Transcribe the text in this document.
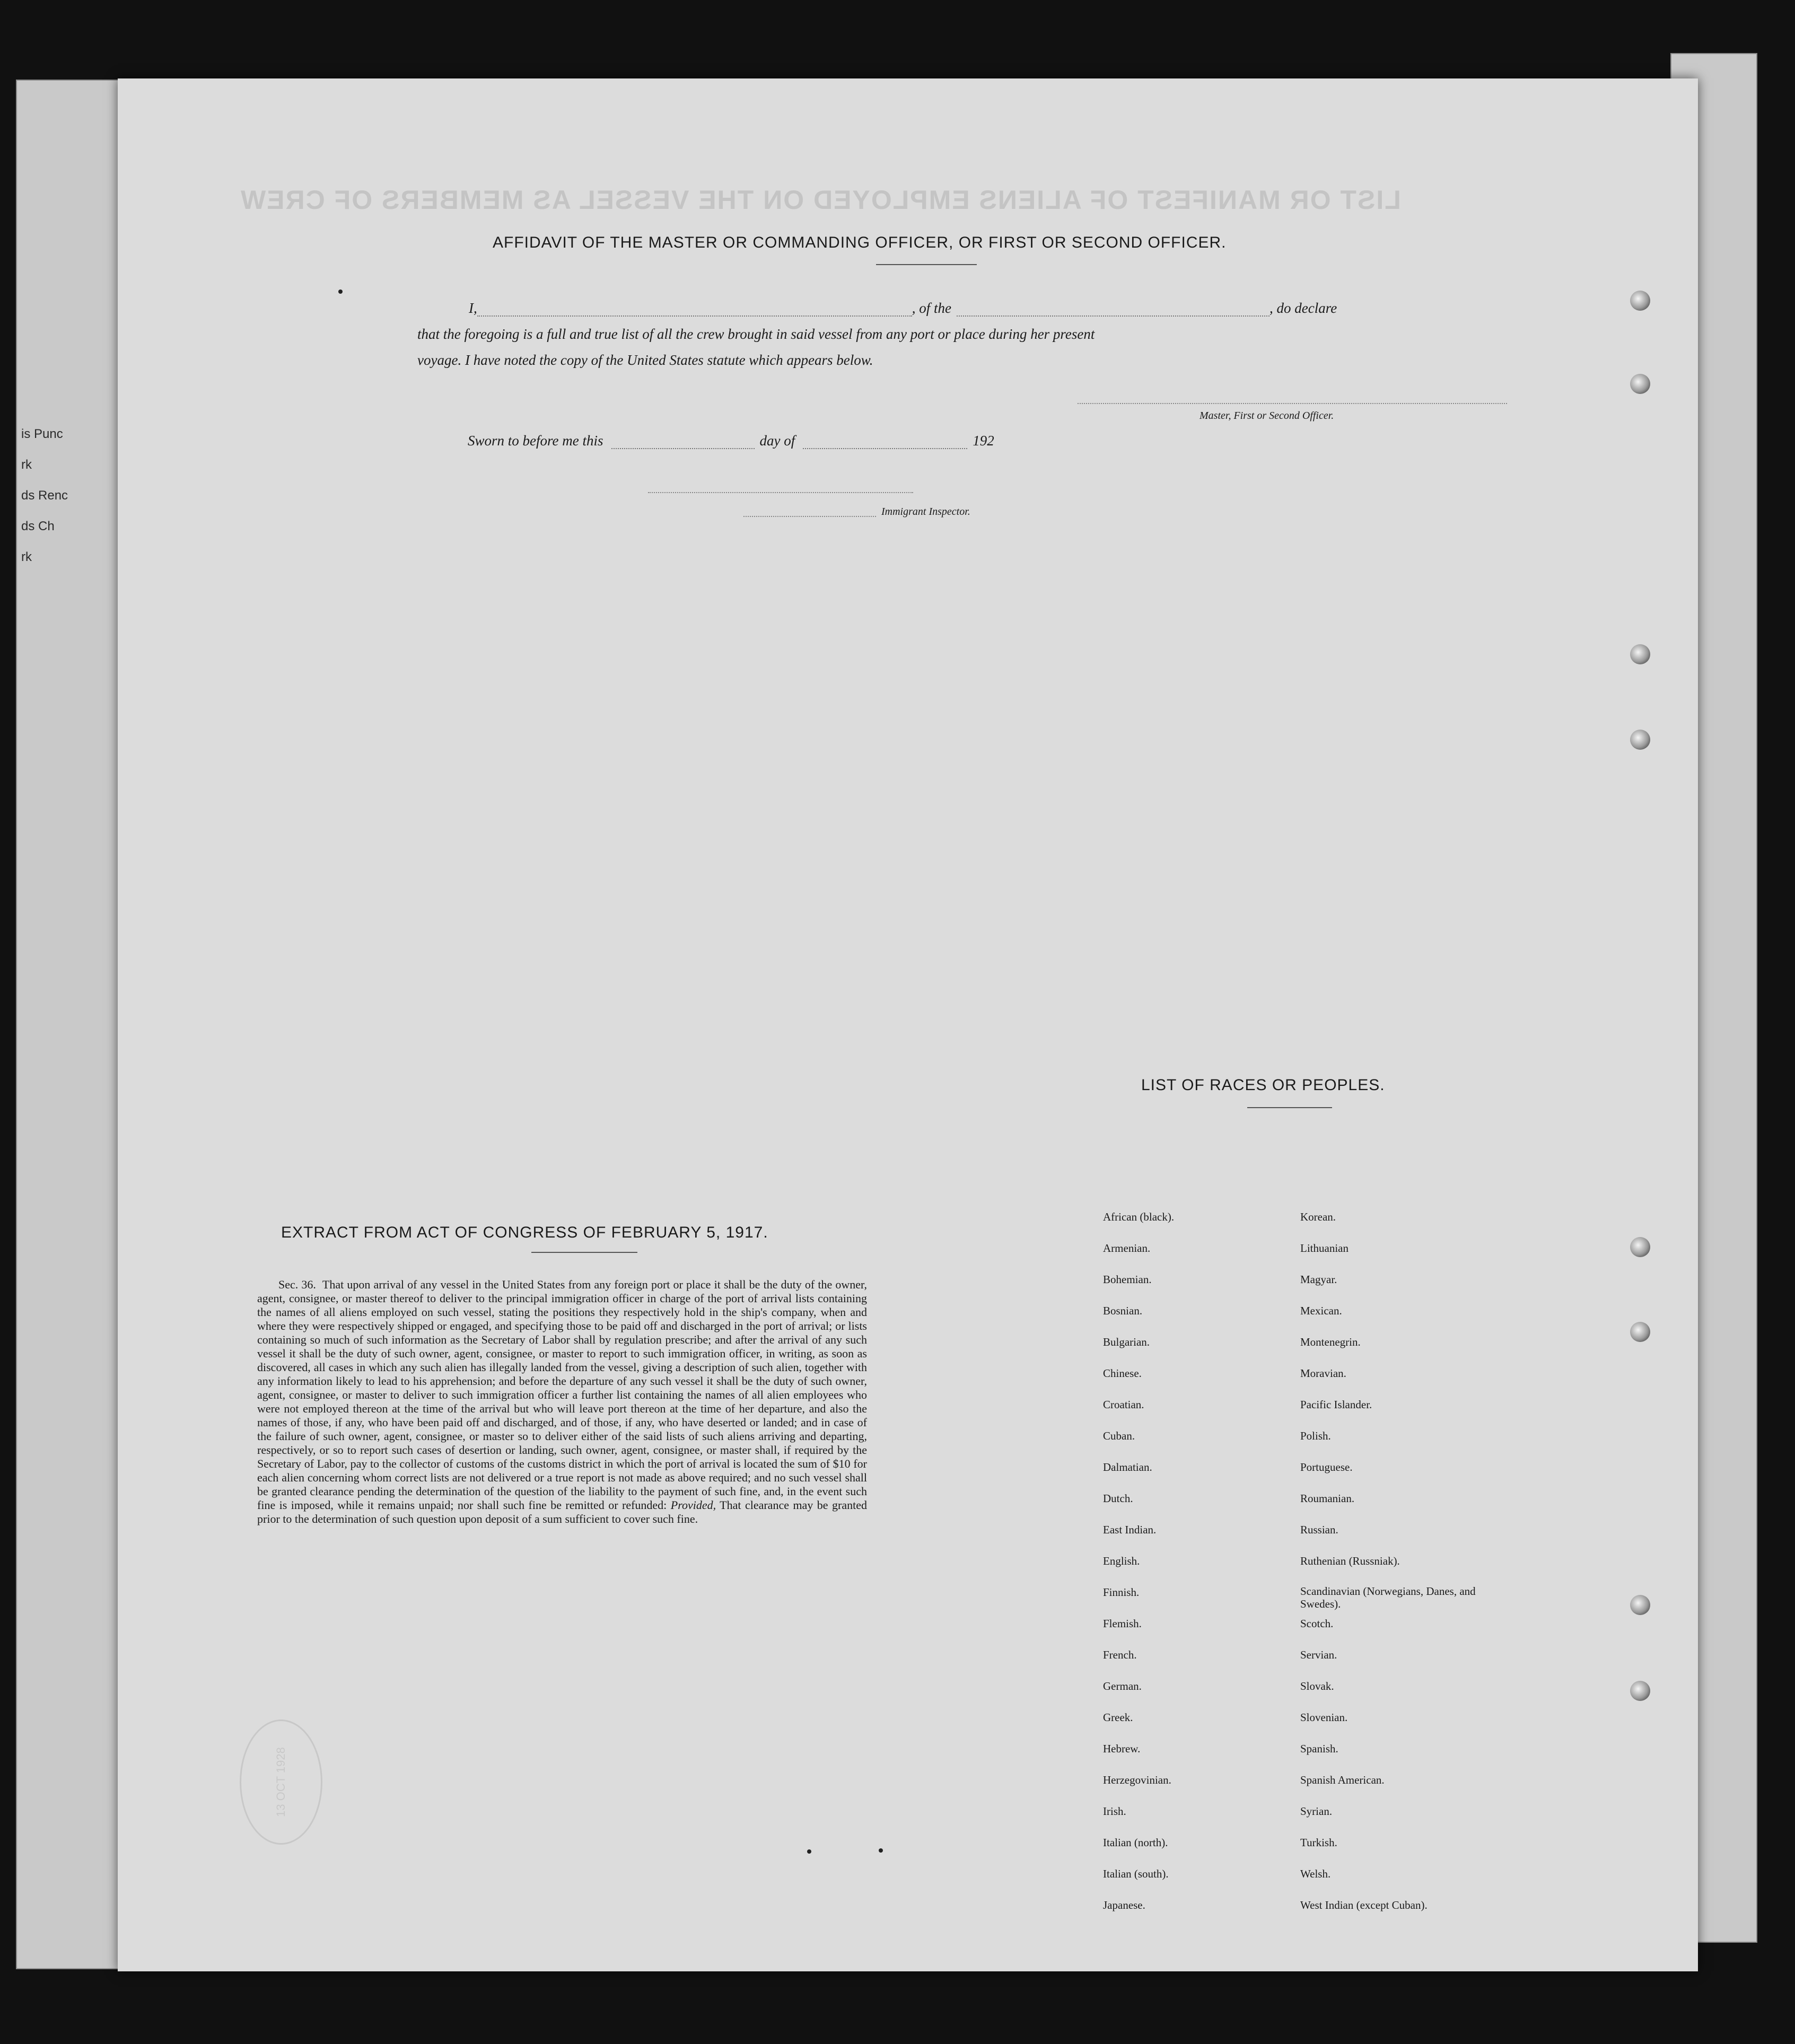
is Punc
rk
ds Renc
ds Ch
rk
LIST OR MANIFEST OF ALIENS EMPLOYED ON THE VESSEL AS MEMBERS OF CREW
AFFIDAVIT OF THE MASTER OR COMMANDING OFFICER, OR FIRST OR SECOND OFFICER.
I,	, of the	, do declare
that the foregoing is a full and true list of all the crew brought in said vessel from any port or place during her present
voyage. I have noted the copy of the United States statute which appears below.
Master, First or Second Officer.
Sworn to before me this	day of	192
Immigrant Inspector.
EXTRACT FROM ACT OF CONGRESS OF FEBRUARY 5, 1917.
Sec. 36. That upon arrival of any vessel in the United States from any foreign port or place it shall be the duty of the owner, agent, consignee, or master thereof to deliver to the principal immigration officer in charge of the port of arrival lists containing the names of all aliens employed on such vessel, stating the positions they respectively hold in the ship's company, when and where they were respectively shipped or engaged, and specifying those to be paid off and discharged in the port of arrival; or lists containing so much of such information as the Secretary of Labor shall by regulation prescribe; and after the arrival of any such vessel it shall be the duty of such owner, agent, consignee, or master to report to such immigration officer, in writing, as soon as discovered, all cases in which any such alien has illegally landed from the vessel, giving a description of such alien, together with any information likely to lead to his apprehension; and before the departure of any such vessel it shall be the duty of such owner, agent, consignee, or master to deliver to such immigration officer a further list containing the names of all alien employees who were not employed thereon at the time of the arrival but who will leave port thereon at the time of her departure, and also the names of those, if any, who have been paid off and discharged, and of those, if any, who have deserted or landed; and in case of the failure of such owner, agent, consignee, or master so to deliver either of the said lists of such aliens arriving and departing, respectively, or so to report such cases of desertion or landing, such owner, agent, consignee, or master shall, if required by the Secretary of Labor, pay to the collector of customs of the customs district in which the port of arrival is located the sum of $10 for each alien concerning whom correct lists are not delivered or a true report is not made as above required; and no such vessel shall be granted clearance pending the determination of the question of the liability to the payment of such fine, and, in the event such fine is imposed, while it remains unpaid; nor shall such fine be remitted or refunded: Provided, That clearance may be granted prior to the determination of such question upon deposit of a sum sufficient to cover such fine.
13 OCT 1928
LIST OF RACES OR PEOPLES.
African (black).	Korean.
Armenian.	Lithuanian
Bohemian.	Magyar.
Bosnian.	Mexican.
Bulgarian.	Montenegrin.
Chinese.	Moravian.
Croatian.	Pacific Islander.
Cuban.	Polish.
Dalmatian.	Portuguese.
Dutch.	Roumanian.
East Indian.	Russian.
English.	Ruthenian (Russniak).
Finnish.	Scandinavian (Norwegians, Danes, and Swedes).
Flemish.	Scotch.
French.	Servian.
German.	Slovak.
Greek.	Slovenian.
Hebrew.	Spanish.
Herzegovinian.	Spanish American.
Irish.	Syrian.
Italian (north).	Turkish.
Italian (south).	Welsh.
Japanese.	West Indian (except Cuban).
